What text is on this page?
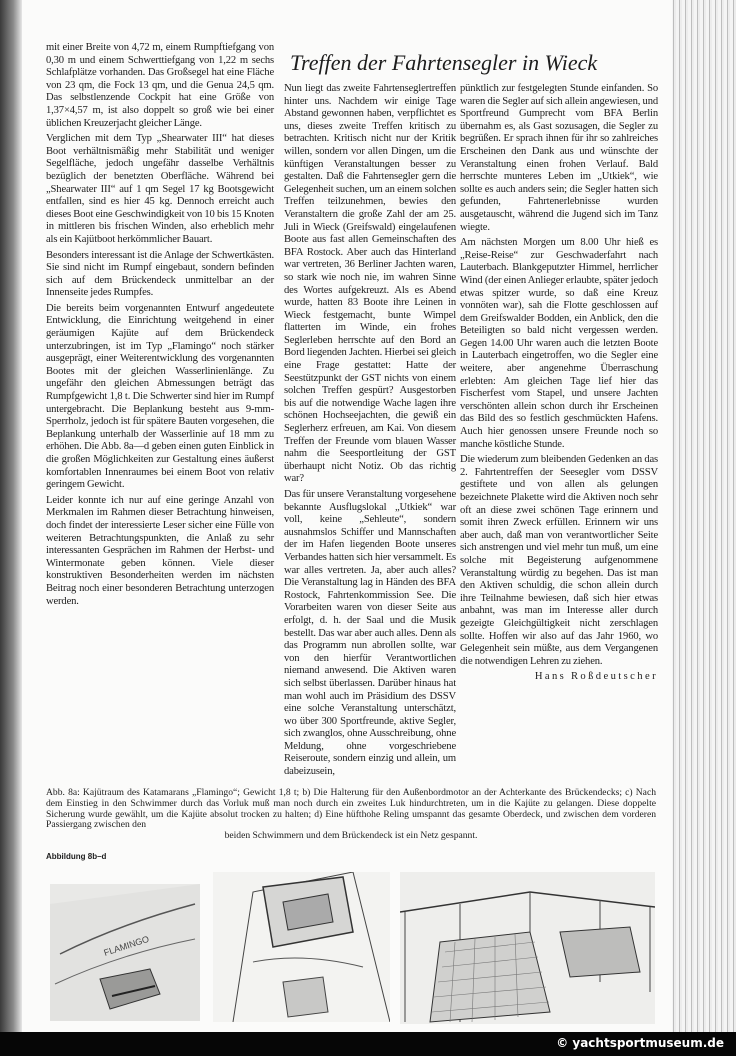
mit einer Breite von 4,72 m, einem Rumpftiefgang von 0,30 m und einem Schwerttiefgang von 1,22 m sechs Schlafplätze vorhanden. Das Großsegel hat eine Fläche von 23 qm, die Fock 13 qm, und die Genua 24,5 qm. Das selbstlenzende Cockpit hat eine Größe von 1,37×4,57 m, ist also doppelt so groß wie bei einer üblichen Kreuzerjacht gleicher Länge.

Verglichen mit dem Typ „Shearwater III“ hat dieses Boot verhältnismäßig mehr Stabilität und weniger Segelfläche, jedoch ungefähr dasselbe Verhältnis bezüglich der benetzten Oberfläche. Während bei „Shearwater III“ auf 1 qm Segel 17 kg Bootsgewicht entfallen, sind es hier 45 kg. Dennoch erreicht auch dieses Boot eine Geschwindigkeit von 10 bis 15 Knoten in mittleren bis frischen Winden, also erheblich mehr als ein Kajütboot herkömmlicher Bauart.

Besonders interessant ist die Anlage der Schwertkästen. Sie sind nicht im Rumpf eingebaut, sondern befinden sich auf dem Brückendeck unmittelbar an der Innenseite jedes Rumpfes.

Die bereits beim vorgenannten Entwurf angedeutete Entwicklung, die Einrichtung weitgehend in einer geräumigen Kajüte auf dem Brückendeck unterzubringen, ist im Typ „Flamingo“ noch stärker ausgeprägt, einer Weiterentwicklung des vorgenannten Bootes mit der gleichen Wasserlinienlänge. Zu ungefähr den gleichen Abmessungen beträgt das Rumpfgewicht 1,8 t. Die Schwerter sind hier im Rumpf untergebracht. Die Beplankung besteht aus 9-mm-Sperrholz, jedoch ist für spätere Bauten vorgesehen, die Beplankung unterhalb der Wasserlinie auf 18 mm zu erhöhen. Die Abb. 8a—d geben einen guten Einblick in die großen Möglichkeiten zur Gestaltung eines äußerst komfortablen Innenraumes bei einem Boot von relativ geringem Gewicht.

Leider konnte ich nur auf eine geringe Anzahl von Merkmalen im Rahmen dieser Betrachtung hinweisen, doch findet der interessierte Leser sicher eine Fülle von weiteren Betrachtungspunkten, die Anlaß zu sehr interessanten Gesprächen im Rahmen der Herbst- und Wintermonate geben können. Viele dieser konstruktiven Besonderheiten werden im nächsten Beitrag noch einer besonderen Betrachtung unterzogen werden.

Treffen der Fahrtensegler in Wieck

Nun liegt das zweite Fahrtenseglertreffen hinter uns. Nachdem wir einige Tage Abstand gewonnen haben, verpflichtet es uns, dieses zweite Treffen kritisch zu betrachten. Kritisch nicht nur der Kritik willen, sondern vor allen Dingen, um die künftigen Veranstaltungen besser zu gestalten. Daß die Fahrtensegler gern die Gelegenheit suchen, um an einem solchen Treffen teilzunehmen, bewies den Veranstaltern die große Zahl der am 25. Juli in Wieck (Greifswald) eingelaufenen Boote aus fast allen Gemeinschaften des BFA Rostock. Aber auch das Hinterland war vertreten, 36 Berliner Jachten waren, so stark wie noch nie, im wahren Sinne des Wortes aufgekreuzt. Als es Abend wurde, hatten 83 Boote ihre Leinen in Wieck festgemacht, bunte Wimpel flatterten im Winde, ein frohes Seglerleben herrschte auf den Bord an Bord liegenden Jachten. Hierbei sei gleich eine Frage gestattet: Hatte der Seestützpunkt der GST nichts von einem solchen Treffen gespürt? Ausgestorben bis auf die notwendige Wache lagen ihre schönen Hochseejachten, die gewiß ein Seglerherz erfreuen, am Kai. Von diesem Treffen der Freunde vom blauen Wasser nahm die Seesportleitung der GST überhaupt nicht Notiz. Ob das richtig war?

Das für unsere Veranstaltung vorgesehene bekannte Ausflugslokal „Utkiek“ war voll, keine „Sehleute“, sondern ausnahmslos Schiffer und Mannschaften der im Hafen liegenden Boote unseres Verbandes hatten sich hier versammelt. Es war alles vertreten. Ja, aber auch alles? Die Veranstaltung lag in Händen des BFA Rostock, Fahrtenkommission See. Die Vorarbeiten waren von dieser Seite aus erfolgt, d. h. der Saal und die Musik bestellt. Das war aber auch alles. Denn als das Programm nun abrollen sollte, war von den hierfür Verantwortlichen niemand anwesend. Die Aktiven waren sich selbst überlassen. Darüber hinaus hat man wohl auch im Präsidium des DSSV eine solche Veranstaltung unterschätzt, wo über 300 Sportfreunde, aktive Segler, sich zwanglos, ohne Ausschreibung, ohne Meldung, ohne vorgeschriebene Reiseroute, sondern einzig und allein, um dabeizusein,

pünktlich zur festgelegten Stunde einfanden. So waren die Segler auf sich allein angewiesen, und Sportfreund Gumprecht vom BFA Berlin übernahm es, als Gast sozusagen, die Segler zu begrüßen. Er sprach ihnen für ihr so zahlreiches Erscheinen den Dank aus und wünschte der Veranstaltung einen frohen Verlauf. Bald herrschte munteres Leben im „Utkiek“, wie sollte es auch anders sein; die Segler hatten sich gefunden, Fahrtenerlebnisse wurden ausgetauscht, während die Jugend sich im Tanz wiegte.

Am nächsten Morgen um 8.00 Uhr hieß es „Reise-Reise“ zur Geschwaderfahrt nach Lauterbach. Blankgeputzter Himmel, herrlicher Wind (der einen Anlieger erlaubte, später jedoch etwas spitzer wurde, so daß eine Kreuz vonnöten war), sah die Flotte geschlossen auf dem Greifswalder Bodden, ein Anblick, den die Beteiligten so bald nicht vergessen werden. Gegen 14.00 Uhr waren auch die letzten Boote in Lauterbach eingetroffen, wo die Segler eine weitere, aber angenehme Überraschung erlebten: Am gleichen Tage lief hier das Fischerfest vom Stapel, und unsere Jachten verschönten allein schon durch ihr Erscheinen das Bild des so festlich geschmückten Hafens. Auch hier genossen unsere Freunde noch so manche köstliche Stunde.

Die wiederum zum bleibenden Gedenken an das 2. Fahrtentreffen der Seesegler vom DSSV gestiftete und von allen als gelungen bezeichnete Plakette wird die Aktiven noch sehr oft an diese zwei schönen Tage erinnern und somit ihren Zweck erfüllen. Erinnern wir uns aber auch, daß man von verantwortlicher Seite sich anstrengen und viel mehr tun muß, um eine solche mit Begeisterung aufgenommene Veranstaltung würdig zu begehen. Das ist man den Aktiven schuldig, die schon allein durch ihre Teilnahme bewiesen, daß sich hier etwas anbahnt, was man im Interesse aller durch gezeigte Gleichgültigkeit nicht zerschlagen sollte. Hoffen wir also auf das Jahr 1960, wo Gelegenheit sein müßte, aus dem Vergangenen die notwendigen Lehren zu ziehen.

Hans Roßdeutscher
Abb. 8a: Kajütraum des Katamarans „Flamingo“; Gewicht 1,8 t; b) Die Halterung für den Außenbordmotor an der Achterkante des Brückendecks; c) Nach dem Einstieg in den Schwimmer durch das Vorluk muß man noch durch ein zweites Luk hindurchtreten, um in die Kajüte zu gelangen. Diese doppelte Sicherung wurde gewählt, um die Kajüte absolut trocken zu halten; d) Eine hüfthohe Reling umspannt das gesamte Oberdeck, und zwischen dem vorderen Passiergang zwischen den
beiden Schwimmern und dem Brückendeck ist ein Netz gespannt.
Abbildung 8b–d
FLAMINGO
© yachtsportmuseum.de
